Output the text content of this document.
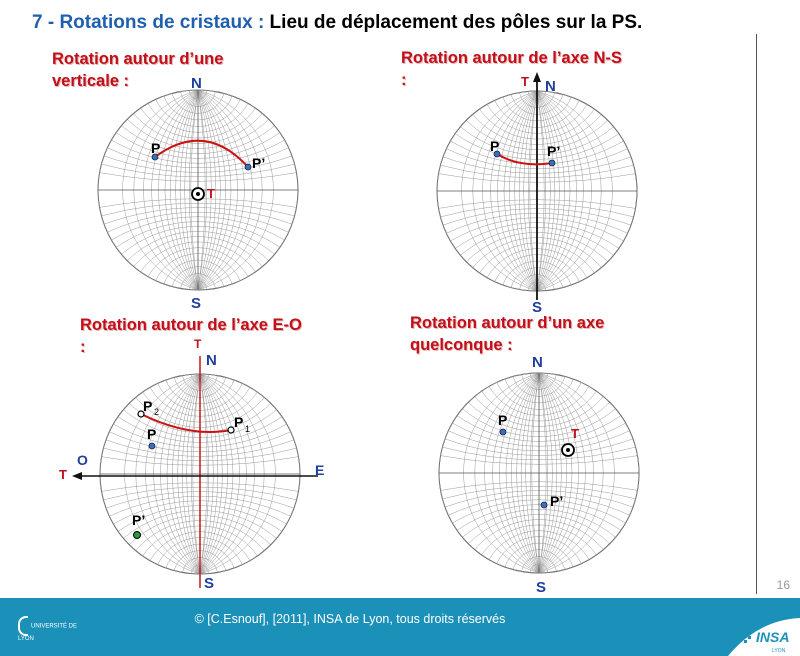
7 - Rotations de cristaux : Lieu de déplacement des pôles sur la PS.
Rotation autour d’une
verticale :
Rotation autour de l’axe N-S
:
Rotation autour de l’axe E-O
:
Rotation autour d’un axe
quelconque :
N
S
P
P’
T
T N
S
P	P’
T
N
S
O
E
T
P 2
P 1
P
P’
N
S
P
P’
T
16
© [C.Esnouf], [2011], INSA de Lyon, tous droits réservés
UNIVERSITÉ DE LYON	INSA
LYON
